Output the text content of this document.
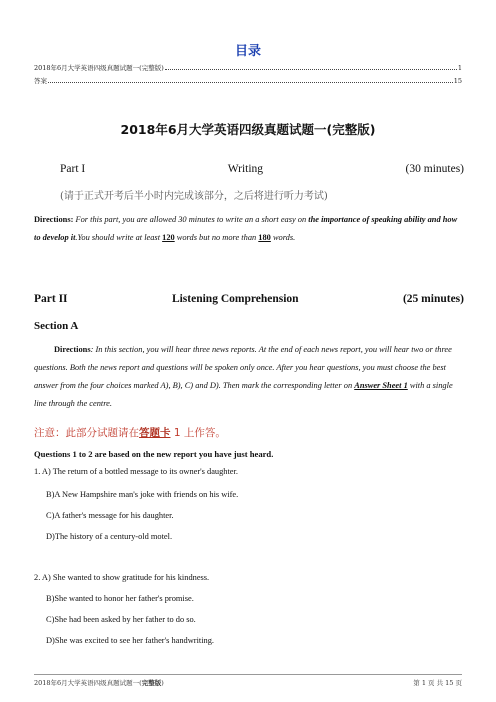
目录
2018年6月大学英语四级真题试题一(完整版)	1
答案	15
2018年6月大学英语四级真题试题一(完整版)
Part I	Writing	(30 minutes)
(请于正式开考后半小时内完成该部分，之后将进行听力考试)
Directions: For this part, you are allowed 30 minutes to write an a short easy on the importance of speaking ability and how to develop it.You should write at least 120 words but no more than 180 words.
Part II	Listening Comprehension	(25 minutes)
Section A
Directions: In this section, you will hear three news reports. At the end of each news report, you will hear two or three questions. Both the news report and questions will be spoken only once. After you hear questions, you must choose the best answer from the four choices marked A), B), C) and D). Then mark the corresponding letter on Answer Sheet 1 with a single line through the centre.
注意：此部分试题请在答题卡 1 上作答。
Questions 1 to 2 are based on the new report you have just heard.
1. A) The return of a bottled message to its owner's daughter.
B)A New Hampshire man's joke with friends on his wife.
C)A father's message for his daughter.
D)The history of a century-old motel.
2. A) She wanted to show gratitude for his kindness.
B)She wanted to honor her father's promise.
C)She had been asked by her father to do so.
D)She was excited to see her father's handwriting.
2018年6月大学英语四级真题试题一(完整版)	第 1 页 共 15 页
